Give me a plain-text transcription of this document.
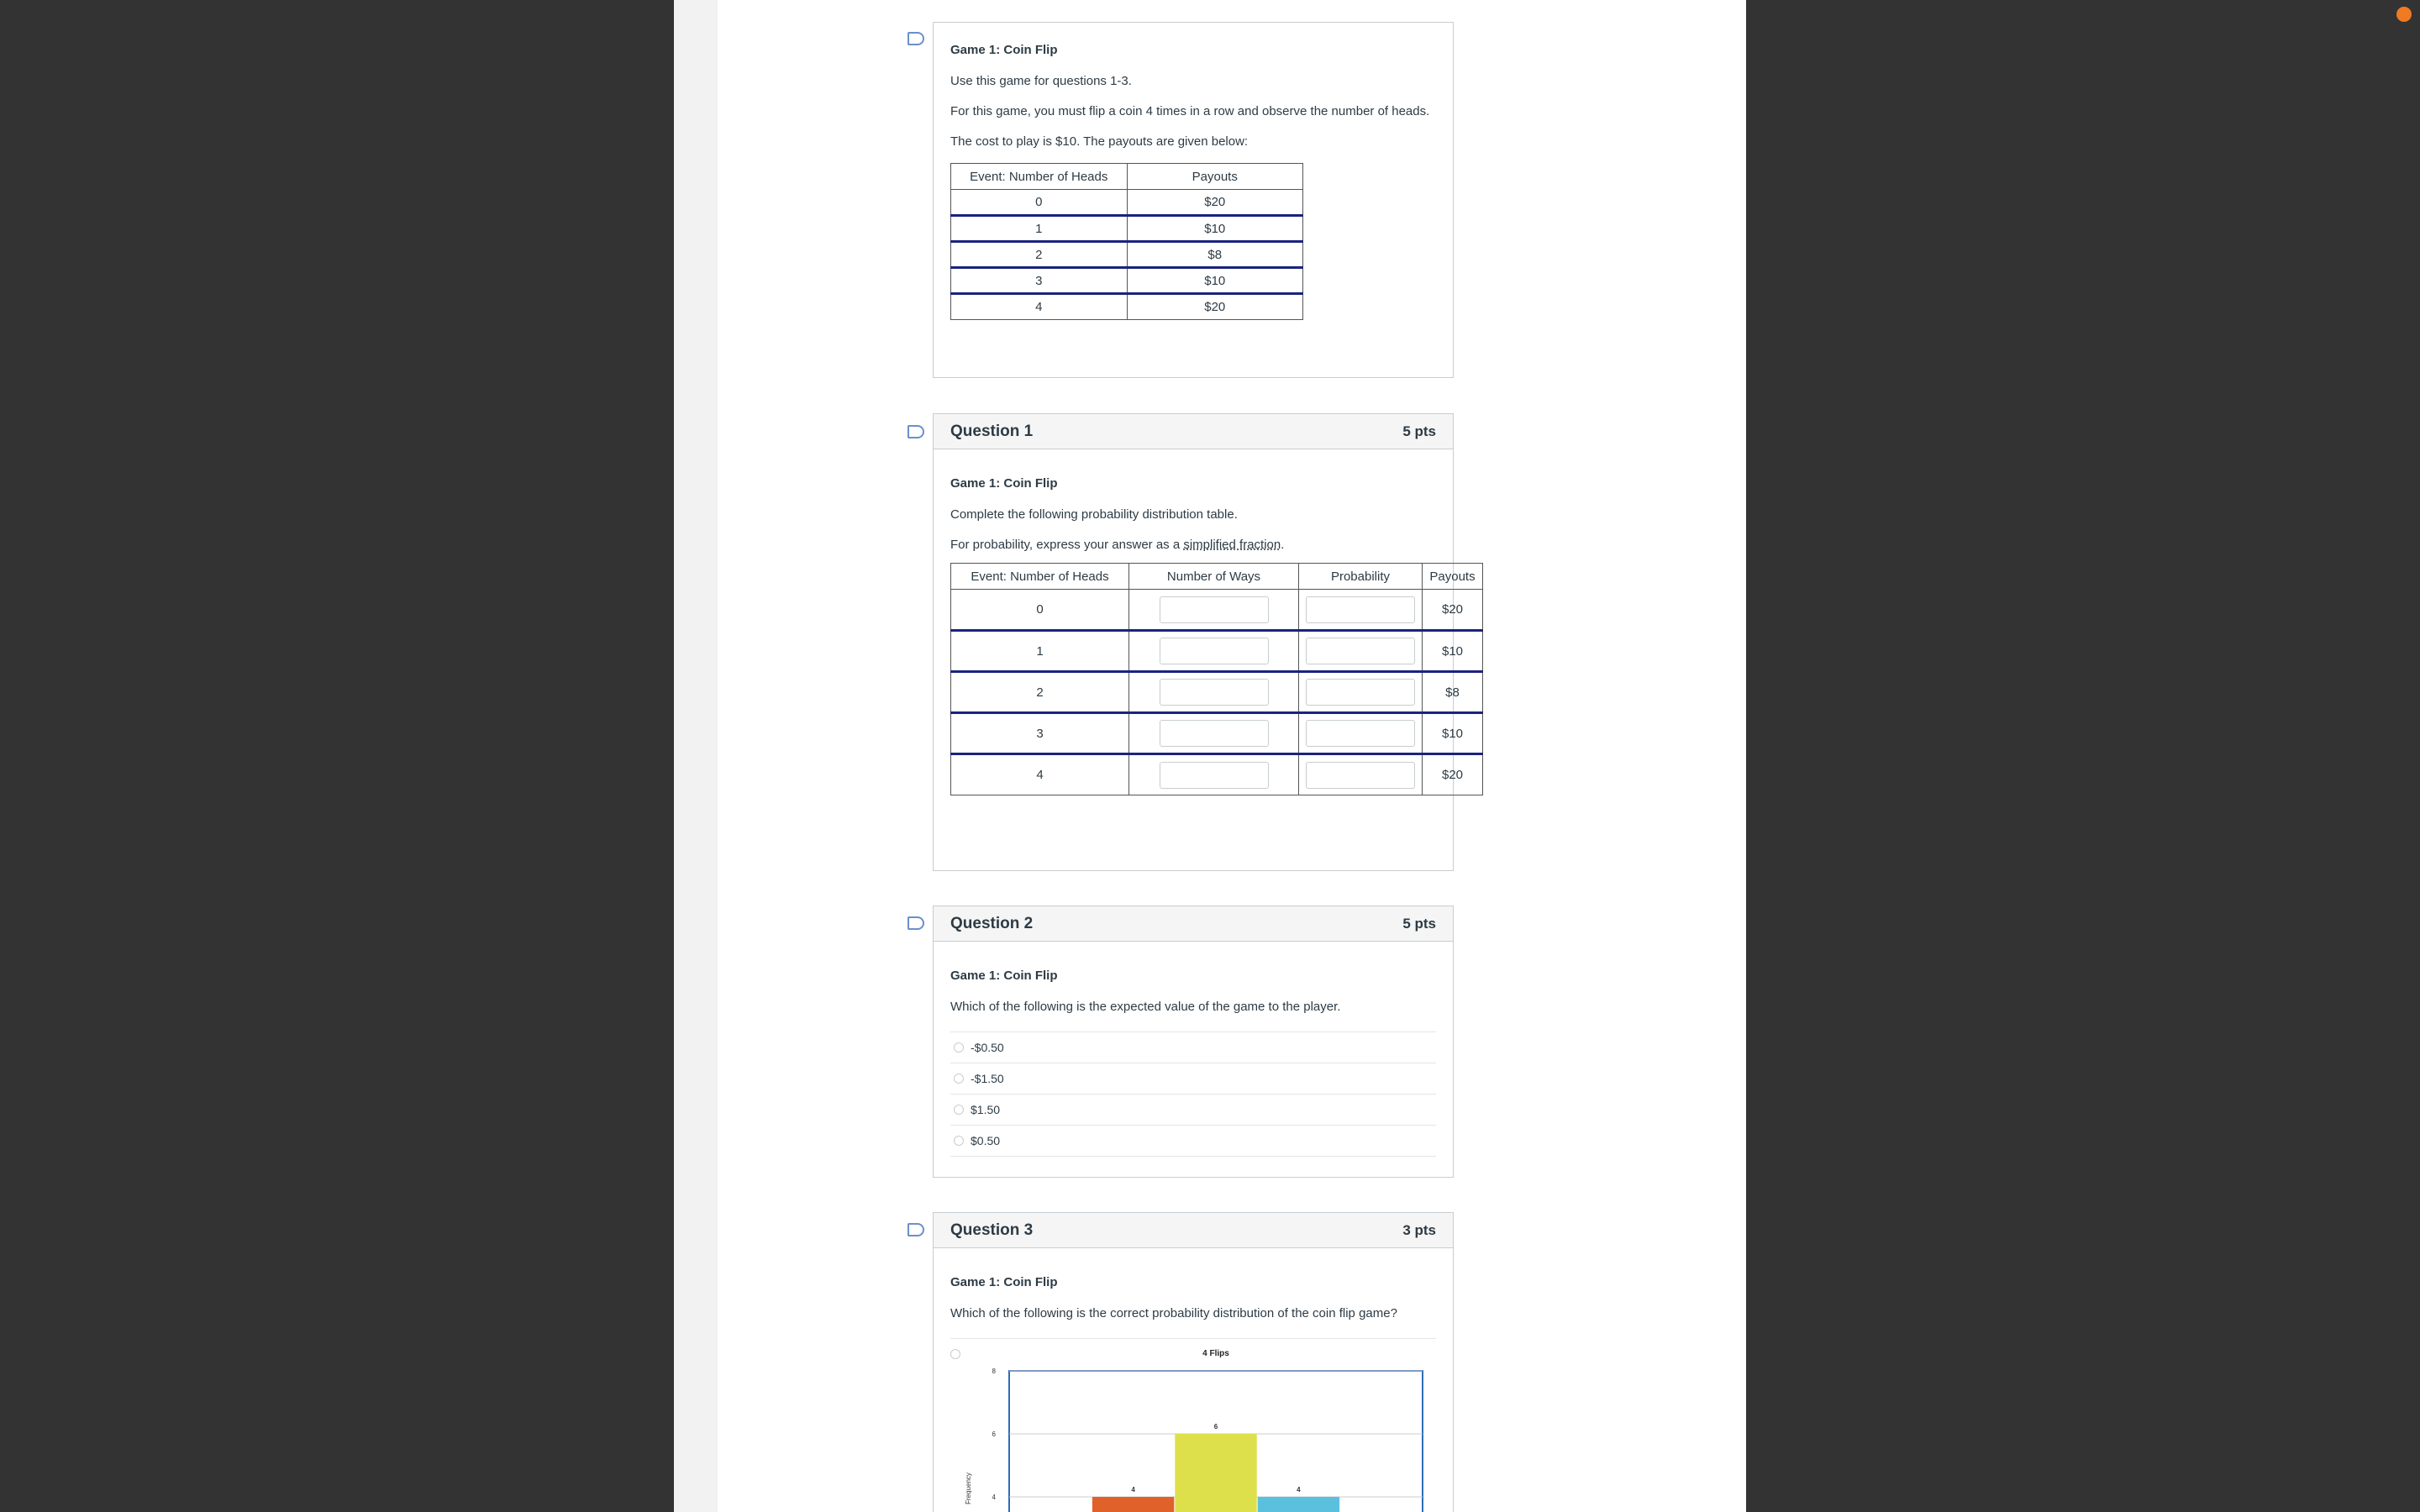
Game 1: Coin Flip

Use this game for questions 1-3.

For this game, you must flip a coin 4 times in a row and observe the number of heads.

The cost to play is $10. The payouts are given below:

Event: Number of Heads	Payouts
0	$20
1	$10
2	$8
3	$10
4	$20
Question 1	5 pts
Game 1: Coin Flip

Complete the following probability distribution table.

For probability, express your answer as a simplified fraction.

Event: Number of Heads	Number of Ways	Probability	Payouts
0			$20
1			$10
2			$8
3			$10
4			$20
Question 2	5 pts
Game 1: Coin Flip

Which of the following is the expected value of the game to the player.

-$0.50
-$1.50
$1.50
$0.50
Question 3	3 pts
Game 1: Coin Flip

Which of the following is the correct probability distribution of the coin flip game?

4 Flips
4
6
8
Frequency	4
6
4
